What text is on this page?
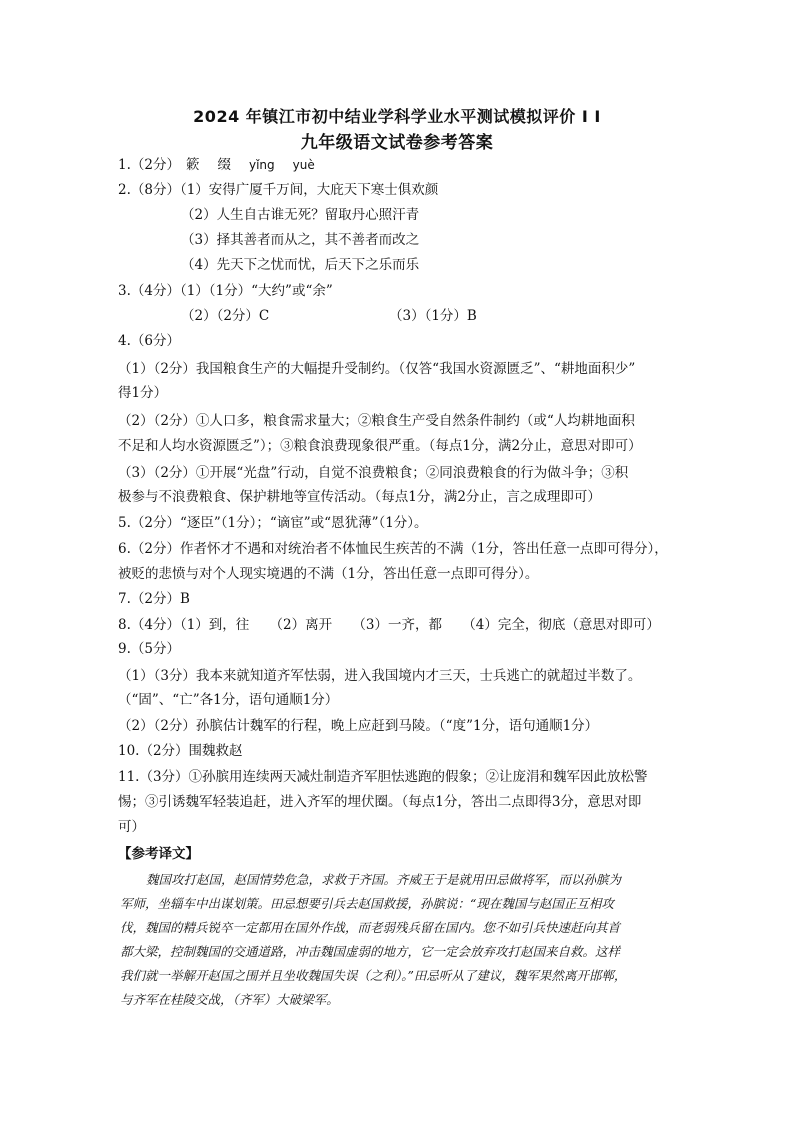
2024 年镇江市初中结业学科学业水平测试模拟评价 I I
九年级语文试卷参考答案
1.（2分） 簌 缀 yǐng yuè
2.（8分）（1）安得广厦千万间，大庇天下寒士俱欢颜
（2）人生自古谁无死？留取丹心照汗青
（3）择其善者而从之，其不善者而改之
（4）先天下之忧而忧，后天下之乐而乐
3.（4分）（1）（1分）“大约”或“余”
（2）（2分）C	（3）（1分）B
4.（6分）
（1）（2分）我国粮食生产的大幅提升受制约。（仅答“我国水资源匮乏”、“耕地面积少”
得1分）
（2）（2分）①人口多，粮食需求量大；②粮食生产受自然条件制约（或“人均耕地面积
不足和人均水资源匮乏”）；③粮食浪费现象很严重。（每点1分，满2分止，意思对即可）
（3）（2分）①开展“光盘”行动，自觉不浪费粮食；②同浪费粮食的行为做斗争；③积
极参与不浪费粮食、保护耕地等宣传活动。（每点1分，满2分止，言之成理即可）
5.（2分）“逐臣”（1分）；“谪宦”或“恩犹薄”（1分）。
6.（2分）作者怀才不遇和对统治者不体恤民生疾苦的不满（1分，答出任意一点即可得分），
被贬的悲愤与对个人现实境遇的不满（1分，答出任意一点即可得分）。
7.（2分）B
8.（4分）（1）到，往　　（2）离开　　（3）一齐，都　　（4）完全，彻底（意思对即可）
9.（5分）
（1）（3分）我本来就知道齐军怯弱，进入我国境内才三天，士兵逃亡的就超过半数了。
（“固”、“亡”各1分，语句通顺1分）
（2）（2分）孙膑估计魏军的行程，晚上应赶到马陵。（“度”1分，语句通顺1分）
10.（2分）围魏救赵
11.（3分）①孙膑用连续两天减灶制造齐军胆怯逃跑的假象；②让庞涓和魏军因此放松警
惕；③引诱魏军轻装追赶，进入齐军的埋伏圈。（每点1分，答出二点即得3分，意思对即
可）
【参考译文】
魏国攻打赵国，赵国情势危急，求救于齐国。齐威王于是就用田忌做将军，而以孙膑为
军师，坐辎车中出谋划策。田忌想要引兵去赵国救援，孙膑说：“现在魏国与赵国正互相攻
伐，魏国的精兵锐卒一定都用在国外作战，而老弱残兵留在国内。您不如引兵快速赶向其首
都大梁，控制魏国的交通道路，冲击魏国虚弱的地方，它一定会放弃攻打赵国来自救。这样
我们就一举解开赵国之围并且坐收魏国失误（之利）。”田忌听从了建议，魏军果然离开邯郸，
与齐军在桂陵交战，（齐军）大破梁军。
